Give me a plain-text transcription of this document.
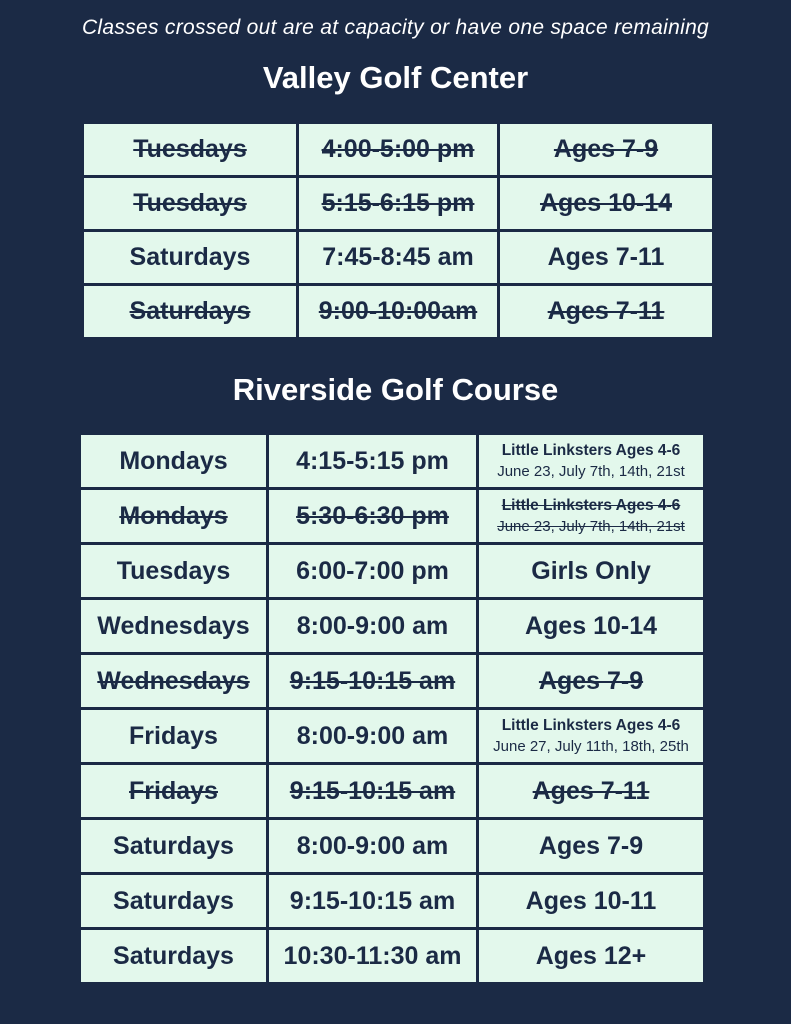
Classes crossed out are at capacity or have one space remaining
Valley Golf Center
Tuesdays	4:00-5:00 pm	Ages 7-9
Tuesdays	5:15-6:15 pm	Ages 10-14
Saturdays	7:45-8:45 am	Ages 7-11
Saturdays	9:00-10:00am	Ages 7-11
Riverside Golf Course
Mondays	4:15-5:15 pm	Little Linksters Ages 4-6
June 23, July 7th, 14th, 21st

Mondays	5:30-6:30 pm	Little Linksters Ages 4-6
June 23, July 7th, 14th, 21st

Tuesdays	6:00-7:00 pm	Girls Only
Wednesdays	8:00-9:00 am	Ages 10-14
Wednesdays	9:15-10:15 am	Ages 7-9
Fridays	8:00-9:00 am	Little Linksters Ages 4-6
June 27, July 11th, 18th, 25th

Fridays	9:15-10:15 am	Ages 7-11
Saturdays	8:00-9:00 am	Ages 7-9
Saturdays	9:15-10:15 am	Ages 10-11
Saturdays	10:30-11:30 am	Ages 12+
